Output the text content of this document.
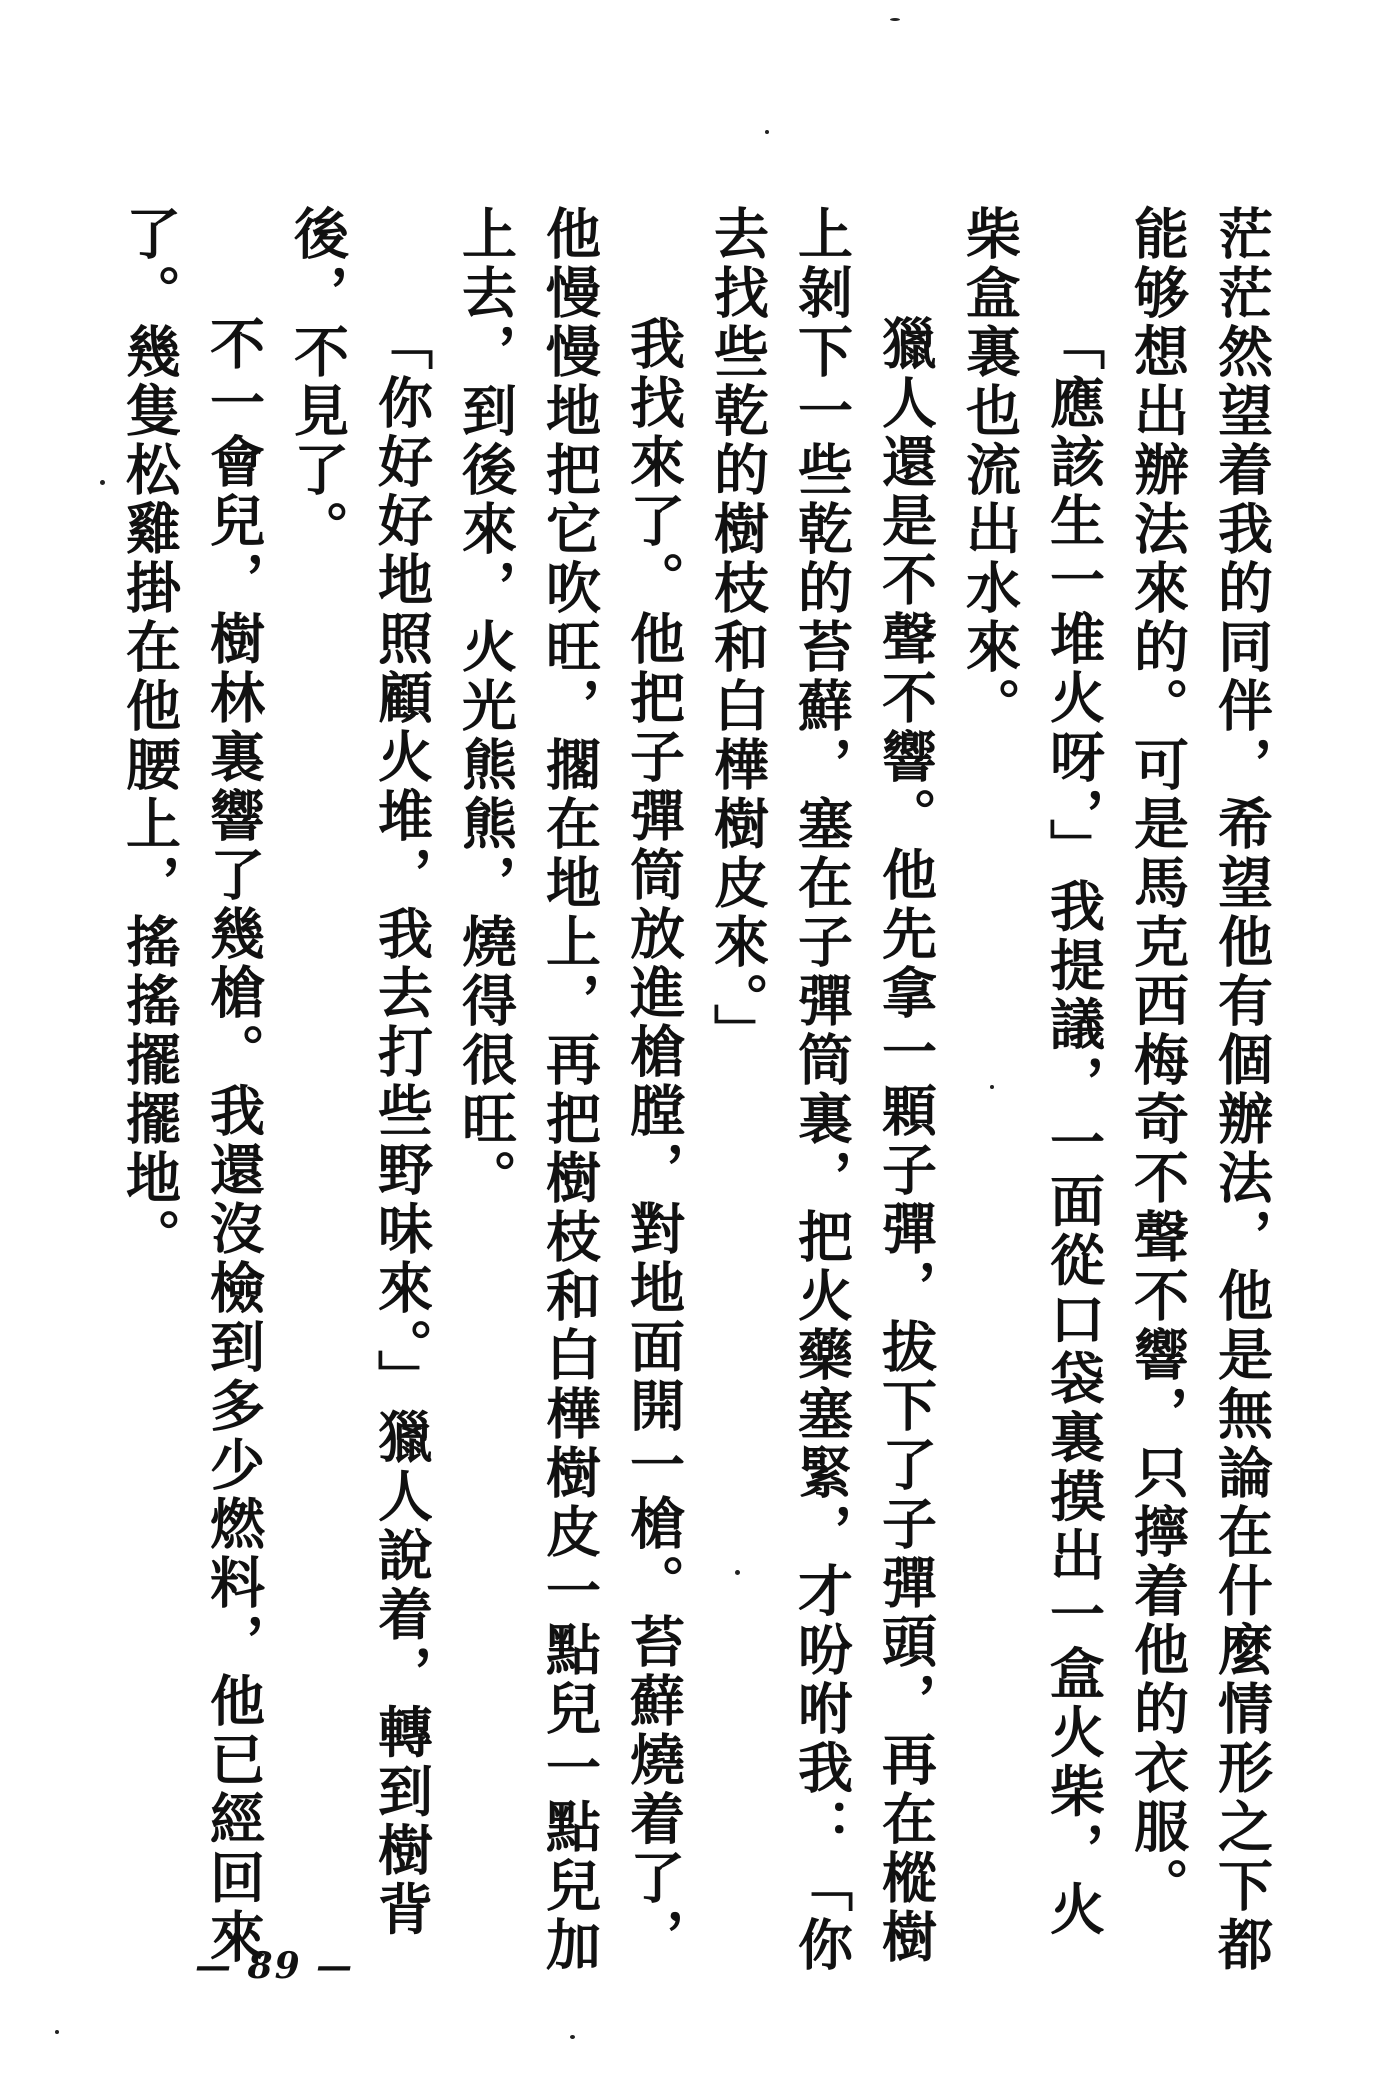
茫茫然望着我的同伴，希望他有個辦法，他是無論在什麼情形之下都能够想出辦法來的。可是馬克西梅奇不聲不響，只擰着他的衣服。

「應該生一堆火呀，」我提議，一面從口袋裏摸出一盒火柴，火柴盒裏也流出水來。

獵人還是不聲不響。他先拿一顆子彈，拔下了子彈頭，再在樅樹上剝下一些乾的苔蘚，塞在子彈筒裏，把火藥塞緊，才吩咐我：「你去找些乾的樹枝和白樺樹皮來。」

我找來了。他把子彈筒放進槍膛，對地面開一槍。苔蘚燒着了，他慢慢地把它吹旺，擱在地上，再把樹枝和白樺樹皮一點兒一點兒加上去，到後來，火光熊熊，燒得很旺。

「你好好地照顧火堆，我去打些野味來。」獵人說着，轉到樹背後，不見了。

不一會兒，樹林裏響了幾槍。我還沒檢到多少燃料，他已經回來了。幾隻松雞掛在他腰上，搖搖擺擺地。

— 89 —
